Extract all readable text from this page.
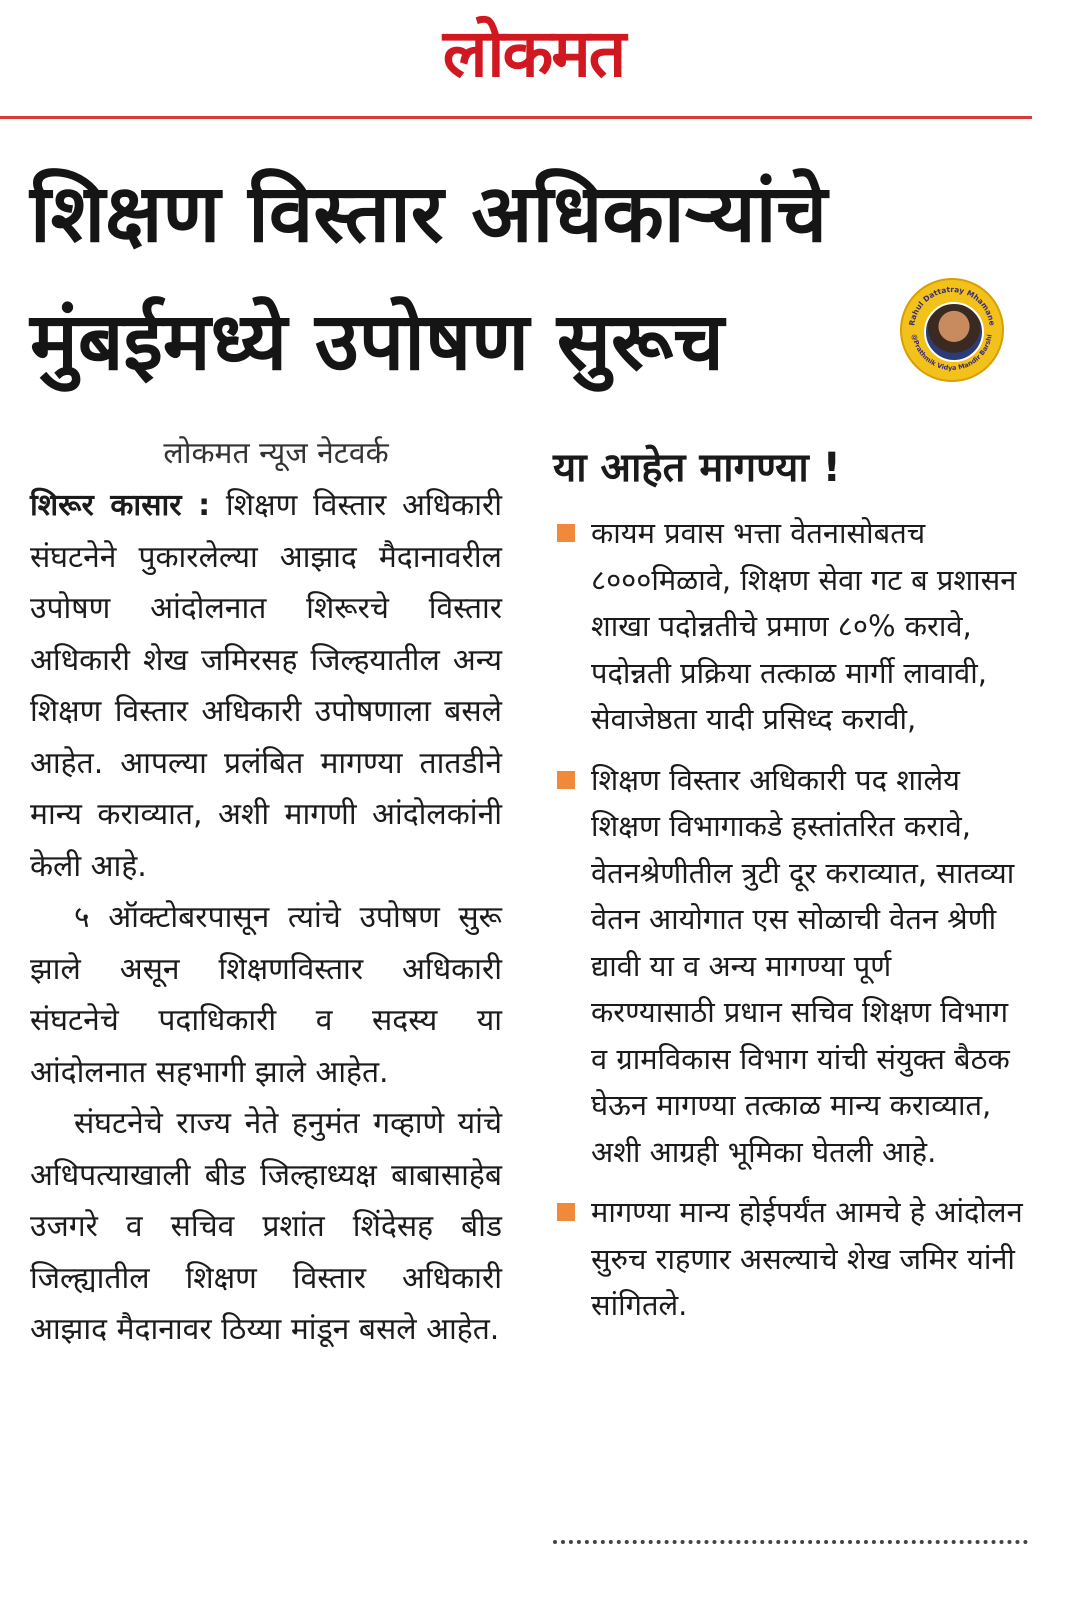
लोकमत
शिक्षण विस्तार अधिकाऱ्यांचे
मुंबईमध्ये उपोषण सुरूच	Rahul Dattatray Mhamane
@Prathmik Vidya Mandir Barshi

लोकमत न्यूज नेटवर्क

शिरूर कासार : शिक्षण विस्तार अधिकारी संघटनेने पुकारलेल्या आझाद मैदानावरील उपोषण आंदोलनात शिरूरचे विस्तार अधिकारी शेख जमिरसह जिल्हयातील अन्य शिक्षण विस्तार अधिकारी उपोषणाला बसले आहेत. आपल्या प्रलंबित मागण्या तातडीने मान्य कराव्यात, अशी मागणी आंदोलकांनी केली आहे.

५ ऑक्टोबरपासून त्यांचे उपोषण सुरू झाले असून शिक्षणविस्तार अधिकारी संघटनेचे पदाधिकारी व सदस्य या आंदोलनात सहभागी झाले आहेत.

संघटनेचे राज्य नेते हनुमंत गव्हाणे यांचे अधिपत्याखाली बीड जिल्हाध्यक्ष बाबासाहेब उजगरे व सचिव प्रशांत शिंदेसह बीड जिल्ह्यातील शिक्षण विस्तार अधिकारी आझाद मैदानावर ठिय्या मांडून बसले आहेत.

या आहेत मागण्या !
कायम प्रवास भत्ता वेतनासोबतच ८०००मिळावे, शिक्षण सेवा गट ब प्रशासन शाखा पदोन्नतीचे प्रमाण ८०% करावे, पदोन्नती प्रक्रिया तत्काळ मार्गी लावावी, सेवाजेष्ठता यादी प्रसिध्द करावी,
शिक्षण विस्तार अधिकारी पद शालेय शिक्षण विभागाकडे हस्तांतरित करावे, वेतनश्रेणीतील त्रुटी दूर कराव्यात, सातव्या वेतन आयोगात एस सोळाची वेतन श्रेणी द्यावी या व अन्य मागण्या पूर्ण करण्यासाठी प्रधान सचिव शिक्षण विभाग व ग्रामविकास विभाग यांची संयुक्त बैठक घेऊन मागण्या तत्काळ मान्य कराव्यात, अशी आग्रही भूमिका घेतली आहे.
मागण्या मान्य होईपर्यंत आमचे हे आंदोलन सुरुच राहणार असल्याचे शेख जमिर यांनी सांगितले.
